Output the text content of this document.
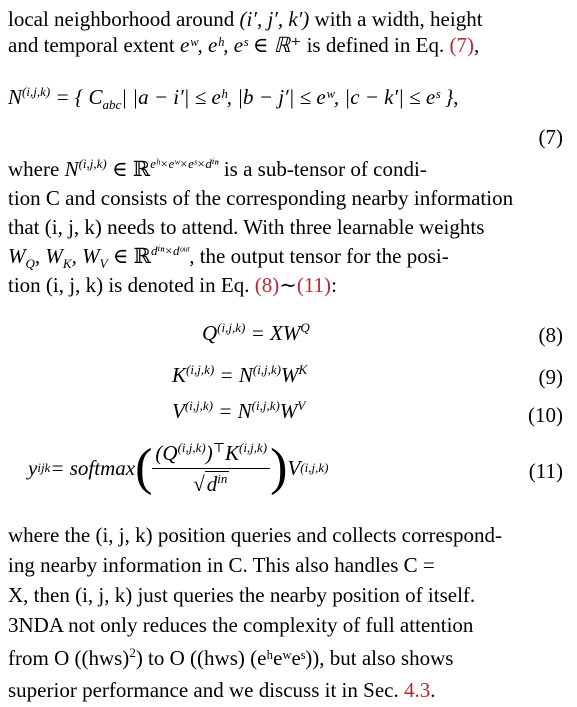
local neighborhood around (i′, j′, k′) with a width, height
and temporal extent eʷ, eʰ, eˢ ∈ ℝ⁺ is defined in Eq. (7),
N$^{(i,j,k)}$ = { $C_{abc}|$ |a − i′| ≤ eʰ, |b − j′| ≤ eʷ, |c − k′| ≤ eˢ },
(7)
where N$^{(i,j,k)}$ ∈ ℝ$^{eʰ\times eʷ\times eˢ\times d^{in}}$ is a sub-tensor of condi-
tion C and consists of the corresponding nearby information
that (i, j, k) needs to attend. With three learnable weights
$W_Q$, $W_K$, $W_V$ ∈ ℝ$^{d^{in}\times dᵒᵘᵗ}$, the output tensor for the posi-
tion (i, j, k) is denoted in Eq. (8)∼(11):
$Q^{(i,j,k)} = XW^Q$	(8)
$K^{(i,j,k)} = N^{(i,j,k)}W^K$	(9)
$V^{(i,j,k)} = N^{(i,j,k)}W^V$	(10)
y ijk = softmax ( $\frac{(Q^{(i,j,k)})^⊤K^{(i,j,k)}}{√d^{in}}$ ) V (i,j,k)	(11)
where the (i, j, k) position queries and collects correspond-
ing nearby information in C. This also handles C =
X, then (i, j, k) just queries the nearby position of itself.
3NDA not only reduces the complexity of full attention
from O ((hws)$^2$) to O ((hws) (eʰeʷeˢ)), but also shows
superior performance and we discuss it in Sec. 4.3.
